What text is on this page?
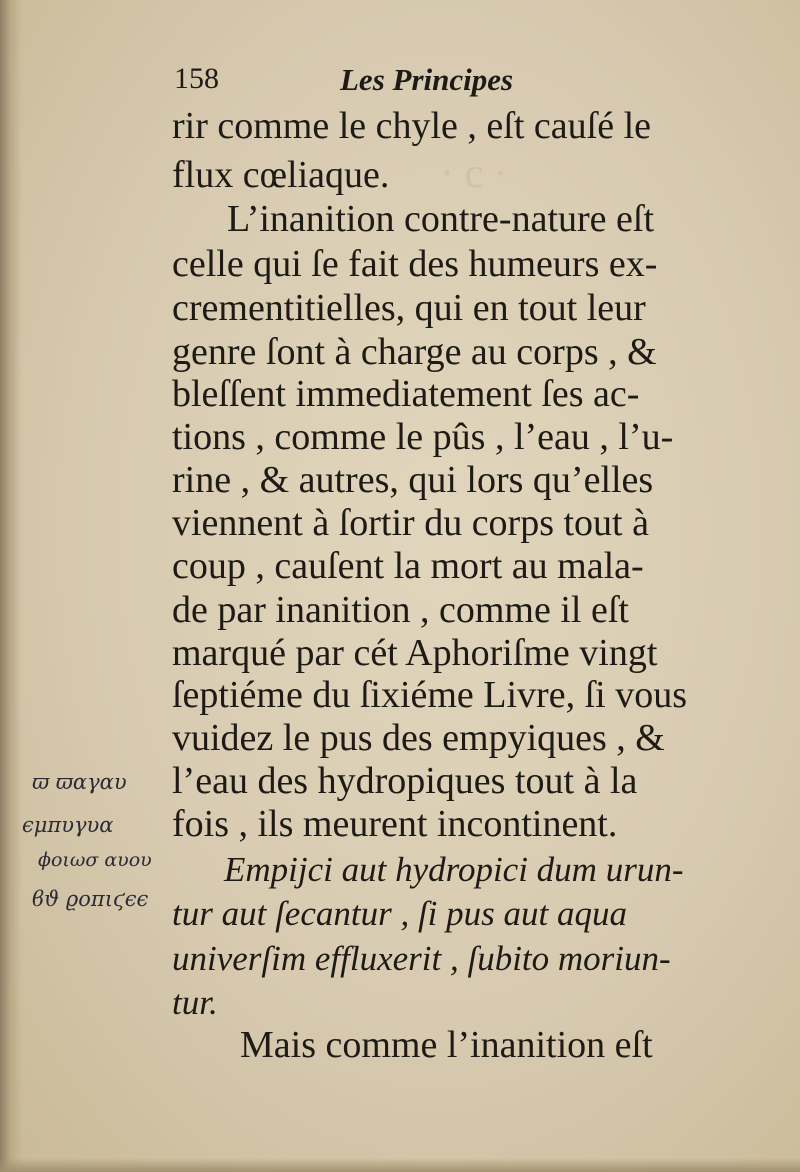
· c ·
158	Les Principes
rir comme le chyle , eſt cauſé le
flux cœliaque.
L’inanition contre-nature eſt
celle qui ſe fait des humeurs ex-
crementitielles, qui en tout leur
genre ſont à charge au corps , &
bleſſent immediatement ſes ac-
tions , comme le pûs , l’eau , l’u-
rine , & autres, qui lors qu’elles
viennent à ſortir du corps tout à
coup , cauſent la mort au mala-
de par inanition , comme il eſt
marqué par cét Aphoriſme vingt
ſeptiéme du ſixiéme Livre, ſi vous
vuidez le pus des empyiques , &
l’eau des hydropiques tout à la
fois , ils meurent incontinent.
Empijci aut hydropici dum urun-
tur aut ſecantur , ſi pus aut aqua
univerſim effluxerit , ſubito moriun-
tur.
Mais comme l’inanition eſt
ϖ ϖαγαυ
ϵμπυγυα
ϕοιωσ αυου
ϐϑ ϱοπιϛϵϵ
